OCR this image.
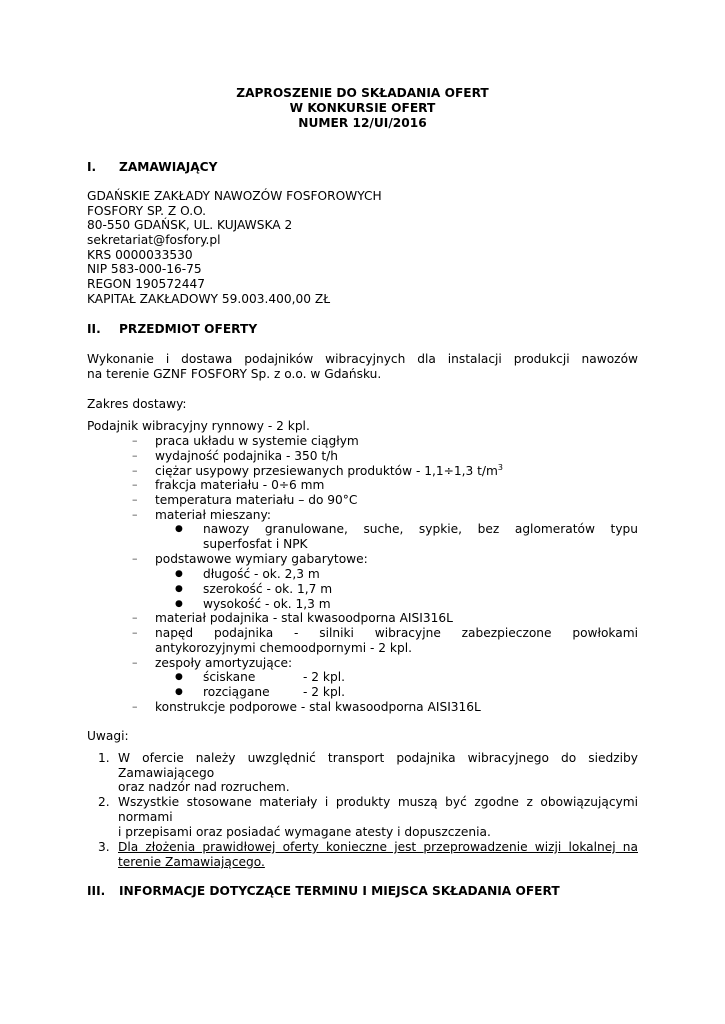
ZAPROSZENIE DO SKŁADANIA OFERT
W KONKURSIE OFERT
NUMER 12/UI/2016
I. ZAMAWIAJĄCY
GDAŃSKIE ZAKŁADY NAWOZÓW FOSFOROWYCH
FOSFORY SP. Z O.O.
80-550 GDAŃSK, UL. KUJAWSKA 2
sekretariat@fosfory.pl
KRS 0000033530
NIP 583-000-16-75
REGON 190572447
KAPITAŁ ZAKŁADOWY 59.003.400,00 ZŁ
II. PRZEDMIOT OFERTY
Wykonanie i dostawa podajników wibracyjnych dla instalacji produkcji nawozów
na terenie GZNF FOSFORY Sp. z o.o. w Gdańsku.
Zakres dostawy:
Podajnik wibracyjny rynnowy - 2 kpl.
– praca układu w systemie ciągłym
– wydajność podajnika - 350 t/h
– ciężar usypowy przesiewanych produktów - 1,1÷1,3 $t/m^3$
– frakcja materiału - 0÷6 mm
– temperatura materiału – do 90°C
– materiał mieszany:
● nawozy granulowane, suche, sypkie, bez aglomeratów typu
superfosfat i NPK
– podstawowe wymiary gabarytowe:
● długość - ok. 2,3 m
● szerokość - ok. 1,7 m
● wysokość - ok. 1,3 m
– materiał podajnika - stal kwasoodporna AISI316L
– napęd podajnika - silniki wibracyjne zabezpieczone powłokami
antykorozyjnymi chemoodpornymi - 2 kpl.
– zespoły amortyzujące:
● ściskane	- 2 kpl.
● rozciągane	- 2 kpl.
– konstrukcje podporowe - stal kwasoodporna AISI316L
Uwagi:
1. W ofercie należy uwzględnić transport podajnika wibracyjnego do siedziby
Zamawiającego
oraz nadzór nad rozruchem.
2. Wszystkie stosowane materiały i produkty muszą być zgodne z obowiązującymi
normami
i przepisami oraz posiadać wymagane atesty i dopuszczenia.
3. Dla złożenia prawidłowej oferty konieczne jest przeprowadzenie wizji lokalnej na
terenie Zamawiającego.
III. INFORMACJE DOTYCZĄCE TERMINU I MIEJSCA SKŁADANIA OFERT
